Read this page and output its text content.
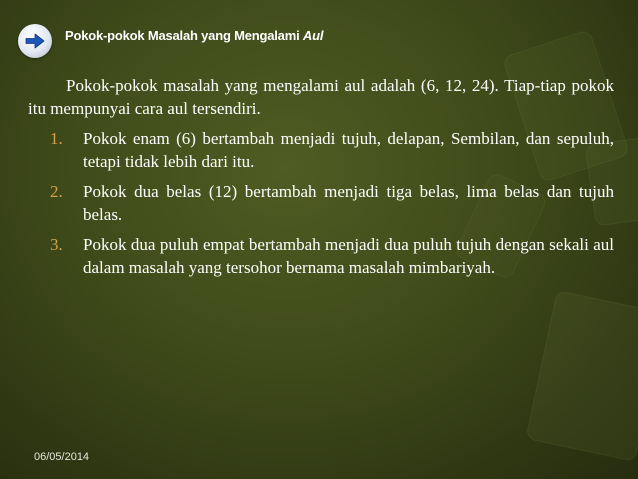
Pokok-pokok Masalah yang Mengalami Aul

Pokok-pokok masalah yang mengalami aul adalah (6, 12, 24). Tiap-tiap pokok itu mempunyai cara aul tersendiri.

1. Pokok enam (6) bertambah menjadi tujuh, delapan, Sembilan, dan sepuluh, tetapi tidak lebih dari itu.
2. Pokok dua belas (12) bertambah menjadi tiga belas, lima belas dan tujuh belas.
3. Pokok dua puluh empat bertambah menjadi dua puluh tujuh dengan sekali aul dalam masalah yang tersohor bernama masalah mimbariyah.
06/05/2014
